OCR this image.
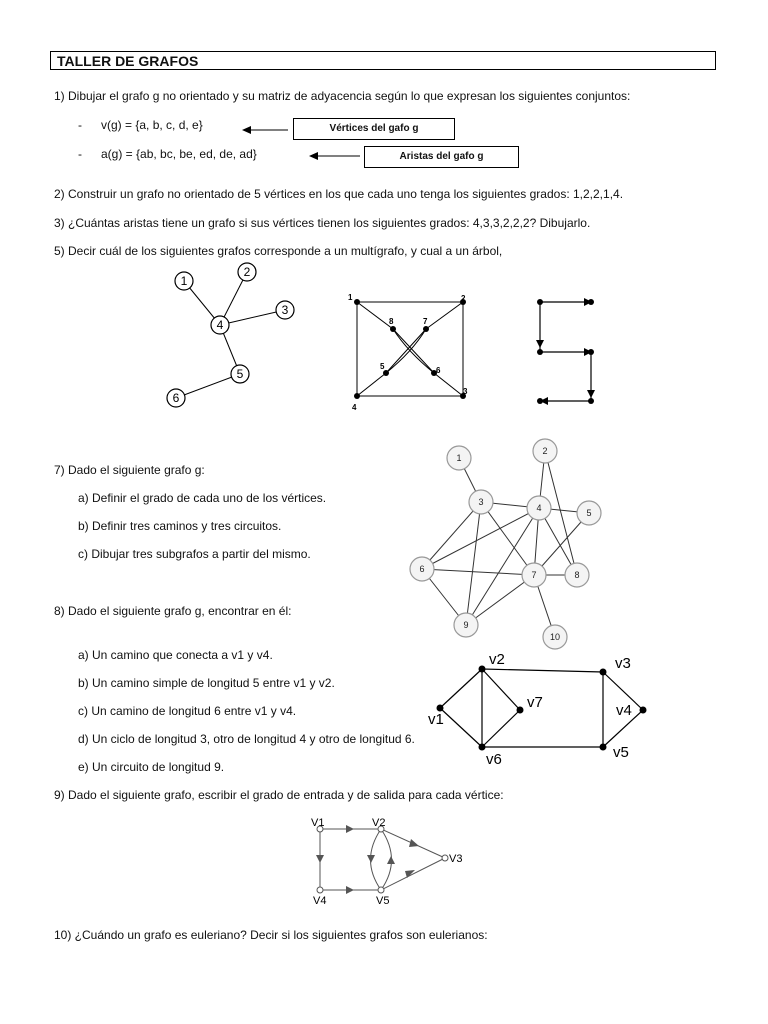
TALLER DE GRAFOS
1) Dibujar el grafo g no orientado y su matriz de adyacencia según lo que expresan los siguientes conjuntos:
- v(g) = {a, b, c, d, e}
- a(g) = {ab, bc, be, ed, de, ad}
Vértices del gafo g
Aristas del gafo g
2) Construir un grafo no orientado de 5 vértices en los que cada uno tenga los siguientes grados: 1,2,2,1,4.
3) ¿Cuántas aristas tiene un grafo si sus vértices tienen los siguientes grados: 4,3,3,2,2,2? Dibujarlo.
5) Decir cuál de los siguientes grafos corresponde a un multígrafo, y cual a un árbol,
1
2
3
4
5
6
1	2
3
4
5	6
7
8
7) Dado el siguiente grafo g:
a) Definir el grado de cada uno de los vértices.
b) Definir tres caminos y tres circuitos.
c) Dibujar tres subgrafos a partir del mismo.
1
2
3
4	5
6
7	8
9
10
8) Dado el siguiente grafo g, encontrar en él:
a) Un camino que conecta a v1 y v4.
b) Un camino simple de longitud 5 entre v1 y v2.
c) Un camino de longitud 6 entre v1 y v4.
d) Un ciclo de longitud 3, otro de longitud 4 y otro de longitud 6.
e) Un circuito de longitud 9.
v1
v2	v3
v4
v5
v6
v7
9) Dado el siguiente grafo, escribir el grado de entrada y de salida para cada vértice:
V1	V2
V3
V4	V5
10) ¿Cuándo un grafo es euleriano? Decir si los siguientes grafos son eulerianos:
